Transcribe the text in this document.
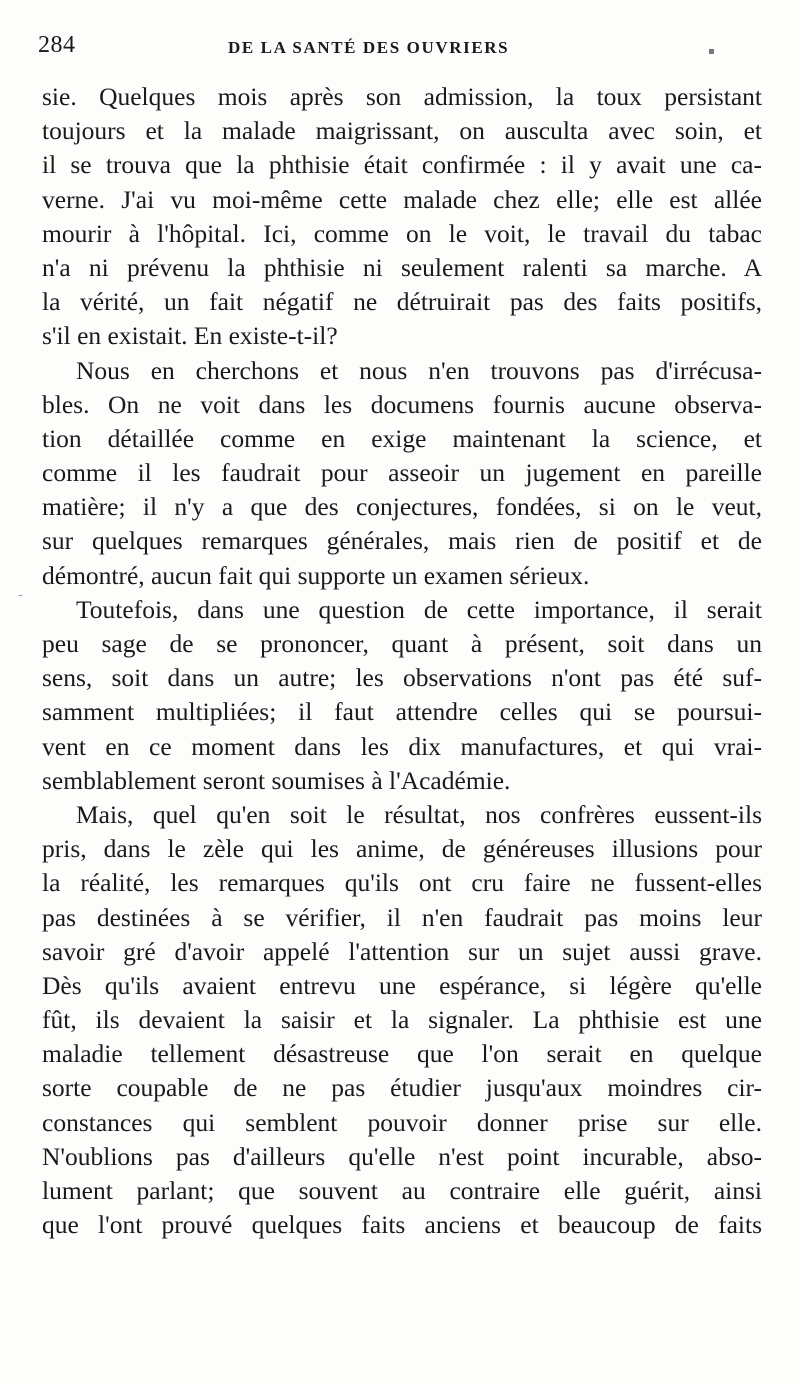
284	DE LA SANTÉ DES OUVRIERS
sie. Quelques mois après son admission, la toux persistant
toujours et la malade maigrissant, on ausculta avec soin, et
il se trouva que la phthisie était confirmée : il y avait une ca-
verne. J'ai vu moi-même cette malade chez elle; elle est allée
mourir à l'hôpital. Ici, comme on le voit, le travail du tabac
n'a ni prévenu la phthisie ni seulement ralenti sa marche. A
la vérité, un fait négatif ne détruirait pas des faits positifs,
s'il en existait. En existe-t-il?
Nous en cherchons et nous n'en trouvons pas d'irrécusa-
bles. On ne voit dans les documens fournis aucune observa-
tion détaillée comme en exige maintenant la science, et
comme il les faudrait pour asseoir un jugement en pareille
matière; il n'y a que des conjectures, fondées, si on le veut,
sur quelques remarques générales, mais rien de positif et de
démontré, aucun fait qui supporte un examen sérieux.
Toutefois, dans une question de cette importance, il serait
peu sage de se prononcer, quant à présent, soit dans un
sens, soit dans un autre; les observations n'ont pas été suf-
samment multipliées; il faut attendre celles qui se poursui-
vent en ce moment dans les dix manufactures, et qui vrai-
semblablement seront soumises à l'Académie.
Mais, quel qu'en soit le résultat, nos confrères eussent-ils
pris, dans le zèle qui les anime, de généreuses illusions pour
la réalité, les remarques qu'ils ont cru faire ne fussent-elles
pas destinées à se vérifier, il n'en faudrait pas moins leur
savoir gré d'avoir appelé l'attention sur un sujet aussi grave.
Dès qu'ils avaient entrevu une espérance, si légère qu'elle
fût, ils devaient la saisir et la signaler. La phthisie est une
maladie tellement désastreuse que l'on serait en quelque
sorte coupable de ne pas étudier jusqu'aux moindres cir-
constances qui semblent pouvoir donner prise sur elle.
N'oublions pas d'ailleurs qu'elle n'est point incurable, abso-
lument parlant; que souvent au contraire elle guérit, ainsi
que l'ont prouvé quelques faits anciens et beaucoup de faits
▪
–
